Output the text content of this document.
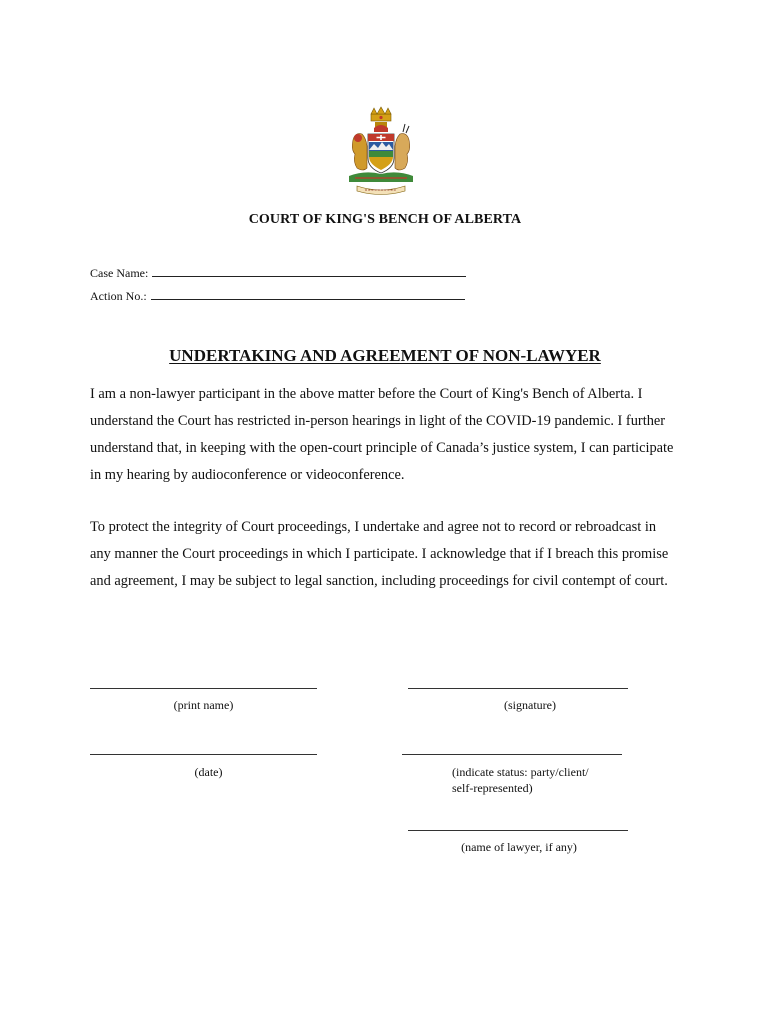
COURT OF KING'S BENCH OF ALBERTA
Case Name:
Action No.:
UNDERTAKING AND AGREEMENT OF NON-LAWYER

I am a non-lawyer participant in the above matter before the Court of King's Bench of Alberta. I understand the Court has restricted in-person hearings in light of the COVID-19 pandemic. I further understand that, in keeping with the open-court principle of Canada’s justice system, I can participate in my hearing by audioconference or videoconference.

To protect the integrity of Court proceedings, I undertake and agree not to record or rebroadcast in any manner the Court proceedings in which I participate. I acknowledge that if I breach this promise and agreement, I may be subject to legal sanction, including proceedings for civil contempt of court.

(print name)	(signature)
(date)	(indicate status: party/client/
self-represented)
(name of lawyer, if any)
